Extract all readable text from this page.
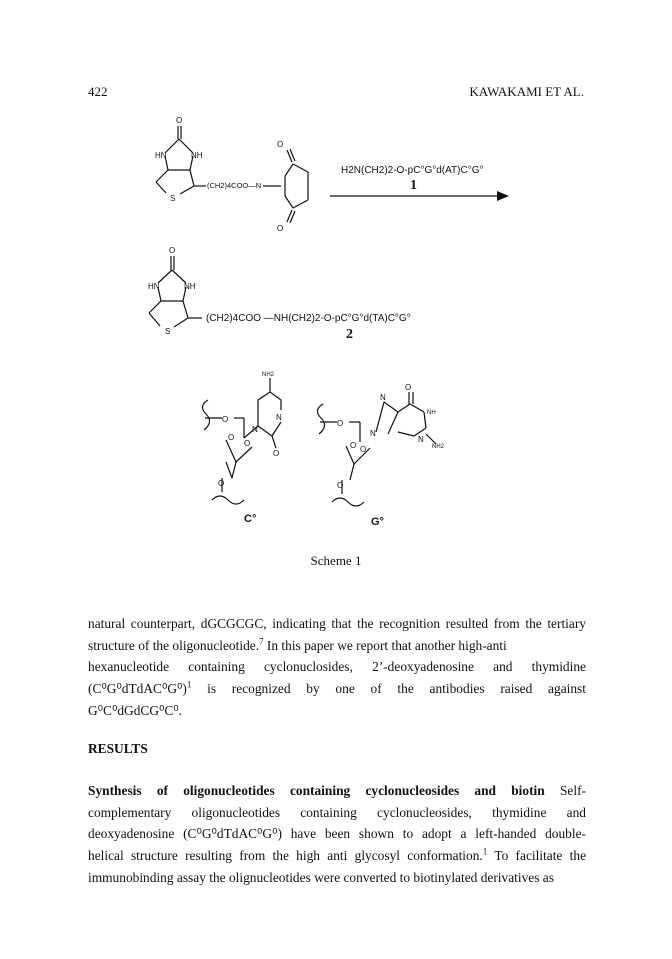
422	KAWAKAMI ET AL.
O
HN	NH
S
O
O
O
HN	NH
S
NH2
N
N
O
O
O
O
O
O
N
O O
N
O
NH
N
NH2
O
(CH2)4COO—N
H2N(CH2)2-O-pC°G°d(AT)C°G°
1
(CH2)4COO —NH(CH2)2-O-pC°G°d(TA)C°G°
2
C°	G°
Scheme 1

natural counterpart, dGCGCGC, indicating that the recognition resulted from the tertiary

structure of the oligonucleotide.$^7$ In this paper we report that another high-anti

hexanucleotide containing cyclonuclosides, 2’-deoxyadenosine and thymidine

(C⁰G⁰dTdAC⁰G⁰)$^1$ is recognized by one of the antibodies raised against

G⁰C⁰dGdCG⁰C⁰.

RESULTS

Synthesis of oligonucleotides containing cyclonucleosides and biotin Self-

complementary oligonucleotides containing cyclonucleosides, thymidine and

deoxyadenosine (C⁰G⁰dTdAC⁰G⁰) have been shown to adopt a left-handed double-

helical structure resulting from the high anti glycosyl conformation.$^1$ To facilitate the

immunobinding assay the olignucleotides were converted to biotinylated derivatives as
